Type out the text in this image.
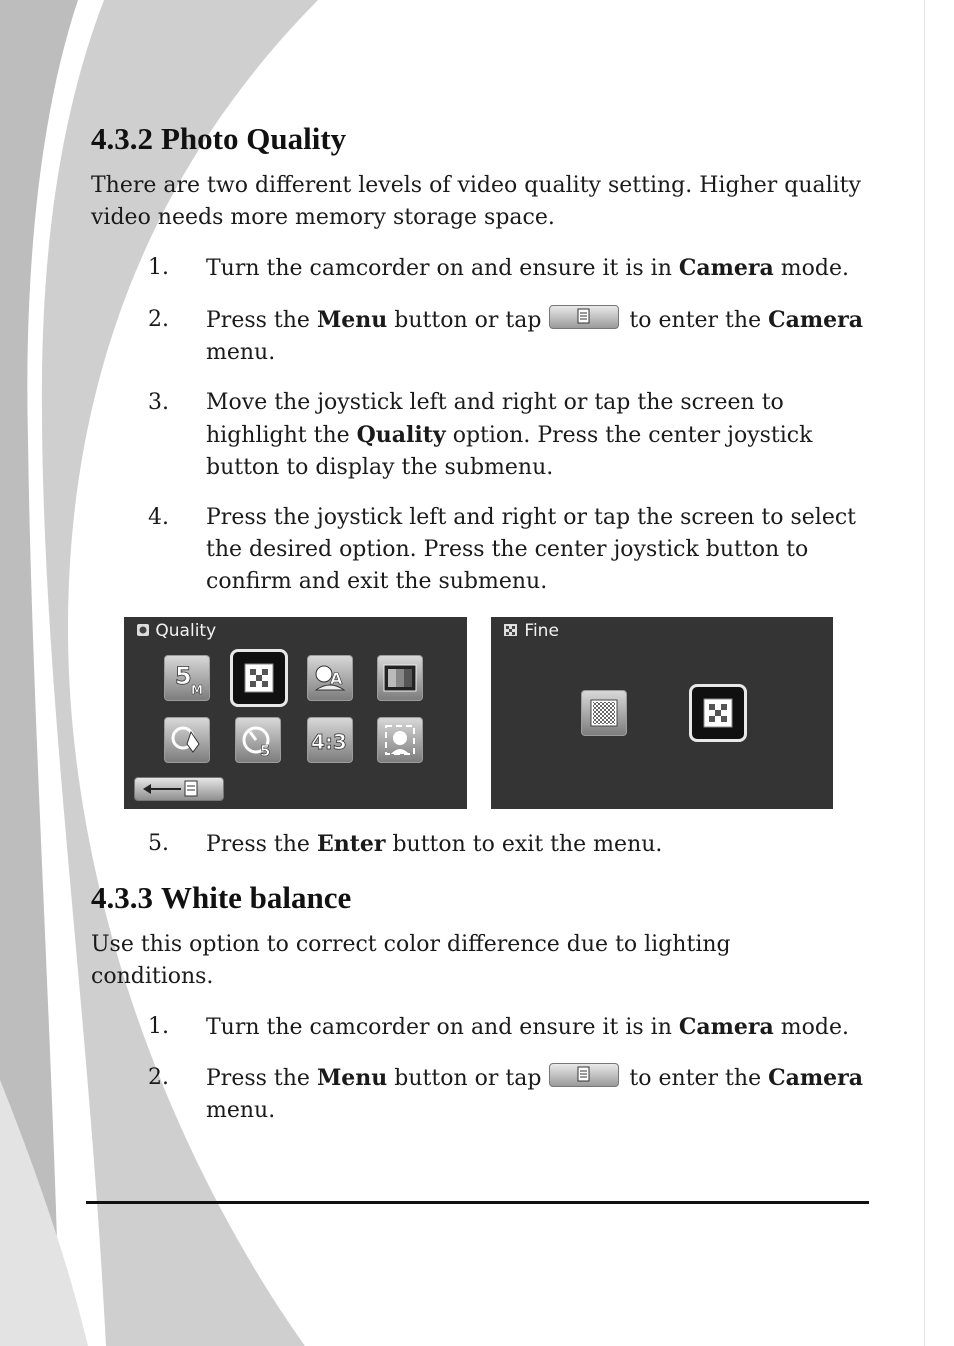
4.3.2 Photo Quality

There are two different levels of video quality setting. Higher quality video needs more memory storage space.

1. Turn the camcorder on and ensure it is in Camera mode.
2. Press the Menu button or tap	to enter the Camera
menu.
3. Move the joystick left and right or tap the screen to highlight the Quality option. Press the center joystick button to display the submenu.
4. Press the joystick left and right or tap the screen to select the desired option. Press the center joystick button to confirm and exit the submenu.
Quality
5 M
A
5 4:3
Fine
5. Press the Enter button to exit the menu.
4.3.3 White balance

Use this option to correct color difference due to lighting conditions.

1. Turn the camcorder on and ensure it is in Camera mode.
2. Press the Menu button or tap	to enter the Camera
menu.
